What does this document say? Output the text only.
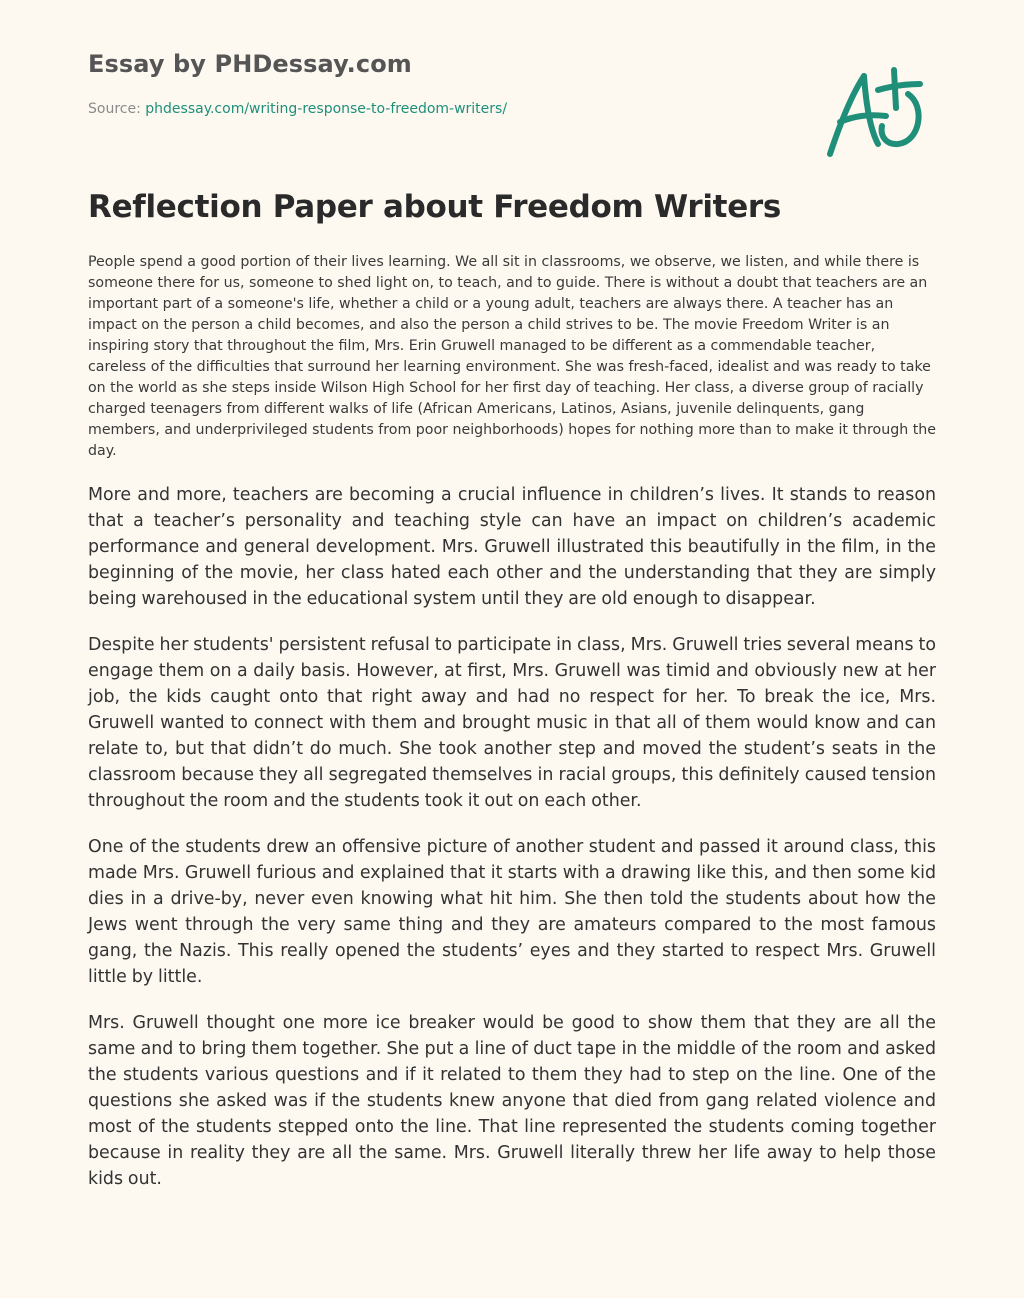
Essay by PHDessay.com
Source: phdessay.com/writing-response-to-freedom-writers/
Reflection Paper about Freedom Writers

People spend a good portion of their lives learning. We all sit in classrooms, we observe, we listen, and while there is someone there for us, someone to shed light on, to teach, and to guide. There is without a doubt that teachers are an important part of a someone's life, whether a child or a young adult, teachers are always there. A teacher has an impact on the person a child becomes, and also the person a child strives to be. The movie Freedom Writer is an inspiring story that throughout the film, Mrs. Erin Gruwell managed to be different as a commendable teacher, careless of the difficulties that surround her learning environment. She was fresh-faced, idealist and was ready to take on the world as she steps inside Wilson High School for her first day of teaching. Her class, a diverse group of racially charged teenagers from different walks of life (African Americans, Latinos, Asians, juvenile delinquents, gang members, and underprivileged students from poor neighborhoods) hopes for nothing more than to make it through the day.

More and more, teachers are becoming a crucial influence in children’s lives. It stands to reason that a teacher’s personality and teaching style can have an impact on children’s academic performance and general development. Mrs. Gruwell illustrated this beautifully in the film, in the beginning of the movie, her class hated each other and the understanding that they are simply being warehoused in the educational system until they are old enough to disappear.

Despite her students' persistent refusal to participate in class, Mrs. Gruwell tries several means to engage them on a daily basis. However, at first, Mrs. Gruwell was timid and obviously new at her job, the kids caught onto that right away and had no respect for her. To break the ice, Mrs. Gruwell wanted to connect with them and brought music in that all of them would know and can relate to, but that didn’t do much. She took another step and moved the student’s seats in the classroom because they all segregated themselves in racial groups, this definitely caused tension throughout the room and the students took it out on each other.

One of the students drew an offensive picture of another student and passed it around class, this made Mrs. Gruwell furious and explained that it starts with a drawing like this, and then some kid dies in a drive-by, never even knowing what hit him. She then told the students about how the Jews went through the very same thing and they are amateurs compared to the most famous gang, the Nazis. This really opened the students’ eyes and they started to respect Mrs. Gruwell little by little.

Mrs. Gruwell thought one more ice breaker would be good to show them that they are all the same and to bring them together. She put a line of duct tape in the middle of the room and asked the students various questions and if it related to them they had to step on the line. One of the questions she asked was if the students knew anyone that died from gang related violence and most of the students stepped onto the line. That line represented the students coming together because in reality they are all the same. Mrs. Gruwell literally threw her life away to help those kids out.
